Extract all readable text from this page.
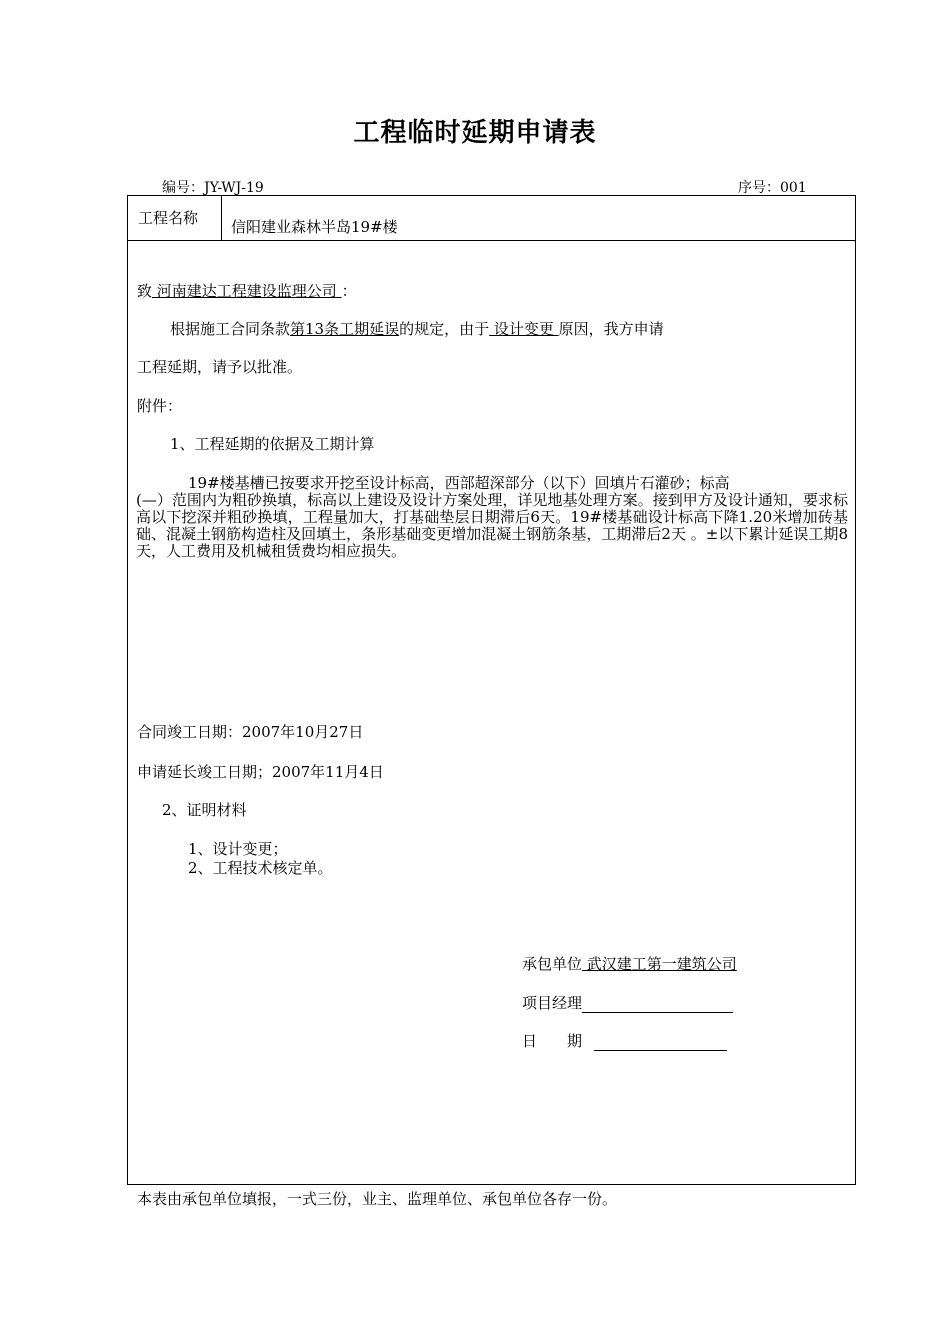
工程临时延期申请表
编号：JY-WJ-19	序号：001
工程名称 信阳建业森林半岛19#楼
致 河南建达工程建设监理公司 ：
根据施工合同条款第13条工期延误的规定，由于 设计变更 原因，我方申请
工程延期，请予以批准。
附件：
1、工程延期的依据及工期计算
19#楼基槽已按要求开挖至设计标高，西部超深部分（以下）回填片石灌砂；标高
(—）范围内为粗砂换填，标高以上建设及设计方案处理，详见地基处理方案。接到甲方及设计通知，要求标高以下挖深并粗砂换填，工程量加大，打基础垫层日期滞后6天。19#楼基础设计标高下降1.20米增加砖基础、混凝土钢筋构造柱及回填土，条形基础变更增加混凝土钢筋条基，工期滞后2天 。±以下累计延误工期8天，人工费用及机械租赁费均相应损失。
合同竣工日期：2007年10月27日
申请延长竣工日期；2007年11月4日
2、证明材料
1、设计变更；
2、工程技术核定单。
承包单位 武汉建工第一建筑公司
项目经理
日　　期
本表由承包单位填报，一式三份，业主、监理单位、承包单位各存一份。
